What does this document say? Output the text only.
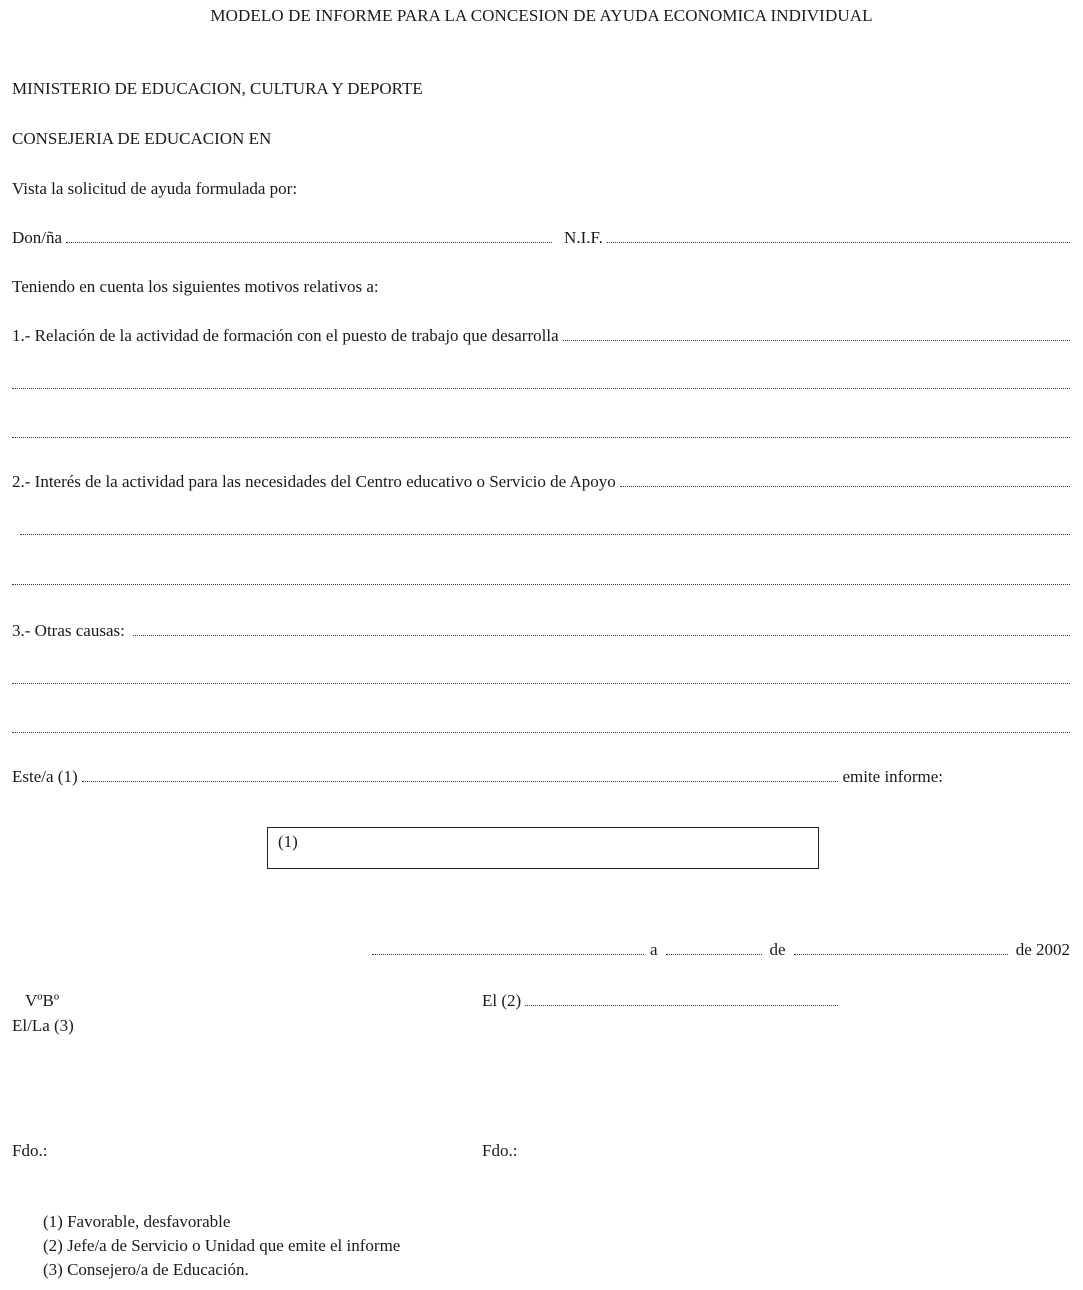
MODELO DE INFORME PARA LA CONCESION DE AYUDA ECONOMICA INDIVIDUAL
MINISTERIO DE EDUCACION, CULTURA Y DEPORTE
CONSEJERIA DE EDUCACION EN
Vista la solicitud de ayuda formulada por:
Don/ña	N.I.F.
Teniendo en cuenta los siguientes motivos relativos a:
1.- Relación de la actividad de formación con el puesto de trabajo que desarrolla
2.- Interés de la actividad para las necesidades del Centro educativo o Servicio de Apoyo
3.- Otras causas:
Este/a (1)	emite informe:
(1)
a	de	de 2002
VºBº
El/La (3)
El (2)
Fdo.:	Fdo.:
(1) Favorable, desfavorable
(2) Jefe/a de Servicio o Unidad que emite el informe
(3) Consejero/a de Educación.
